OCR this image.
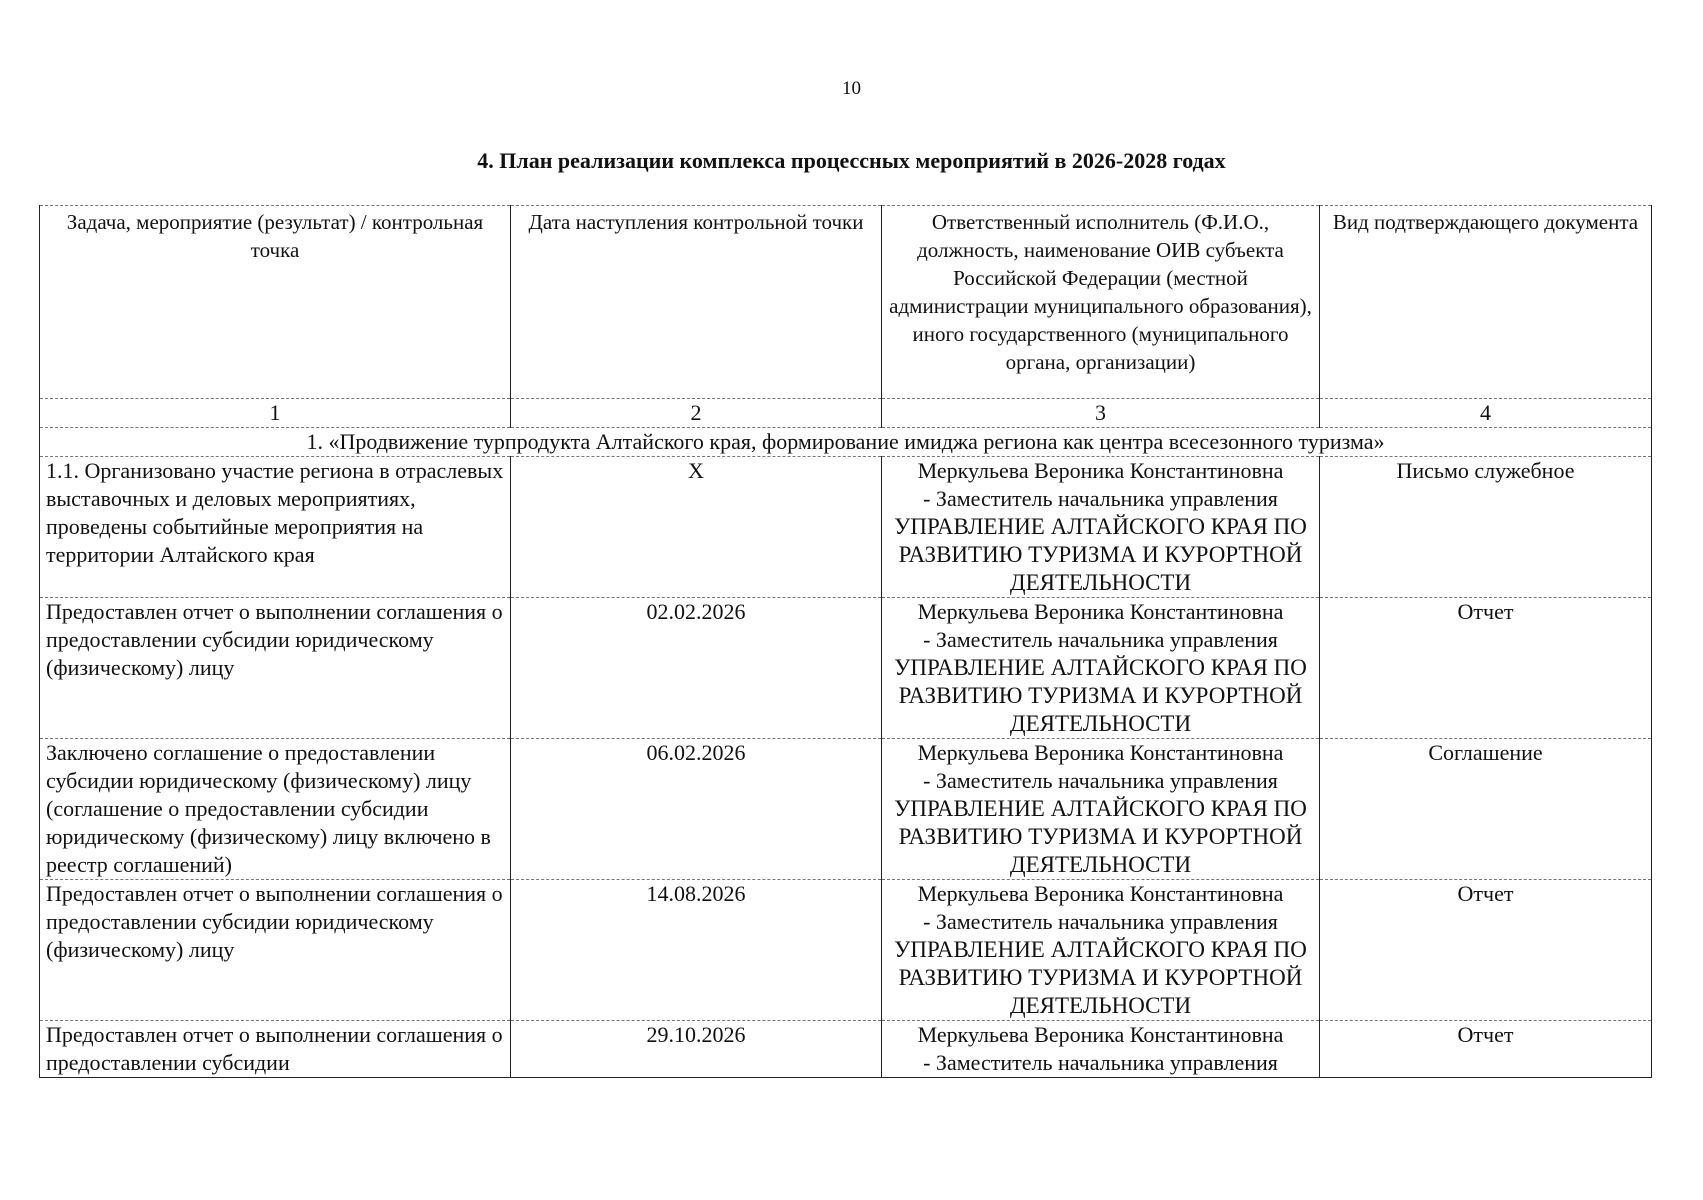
10
4. План реализации комплекса процессных мероприятий в 2026-2028 годах
Задача, мероприятие (результат) / контрольная точка	Дата наступления контрольной точки	Ответственный исполнитель (Ф.И.О., должность, наименование ОИВ субъекта Российской Федерации (местной администрации муниципального образования), иного государственного (муниципального органа, организации)	Вид подтверждающего документа
1	2	3	4
1. «Продвижение турпродукта Алтайского края, формирование имиджа региона как центра всесезонного туризма»			
1.1. Организовано участие региона в отраслевых выставочных и деловых мероприятиях, проведены событийные мероприятия на территории Алтайского края	X	Меркульева Вероника Константиновна
- Заместитель начальника управления
УПРАВЛЕНИЕ АЛТАЙСКОГО КРАЯ ПО РАЗВИТИЮ ТУРИЗМА И КУРОРТНОЙ ДЕЯТЕЛЬНОСТИ	Письмо служебное
Предоставлен отчет о выполнении соглашения о предоставлении субсидии юридическому (физическому) лицу	02.02.2026	Меркульева Вероника Константиновна
- Заместитель начальника управления
УПРАВЛЕНИЕ АЛТАЙСКОГО КРАЯ ПО РАЗВИТИЮ ТУРИЗМА И КУРОРТНОЙ ДЕЯТЕЛЬНОСТИ	Отчет
Заключено соглашение о предоставлении субсидии юридическому (физическому) лицу (соглашение о предоставлении субсидии юридическому (физическому) лицу включено в реестр соглашений)	06.02.2026	Меркульева Вероника Константиновна
- Заместитель начальника управления
УПРАВЛЕНИЕ АЛТАЙСКОГО КРАЯ ПО РАЗВИТИЮ ТУРИЗМА И КУРОРТНОЙ ДЕЯТЕЛЬНОСТИ	Соглашение
Предоставлен отчет о выполнении соглашения о предоставлении субсидии юридическому (физическому) лицу	14.08.2026	Меркульева Вероника Константиновна
- Заместитель начальника управления
УПРАВЛЕНИЕ АЛТАЙСКОГО КРАЯ ПО РАЗВИТИЮ ТУРИЗМА И КУРОРТНОЙ ДЕЯТЕЛЬНОСТИ	Отчет
Предоставлен отчет о выполнении соглашения о предоставлении субсидии	29.10.2026	Меркульева Вероника Константиновна
- Заместитель начальника управления	Отчет
